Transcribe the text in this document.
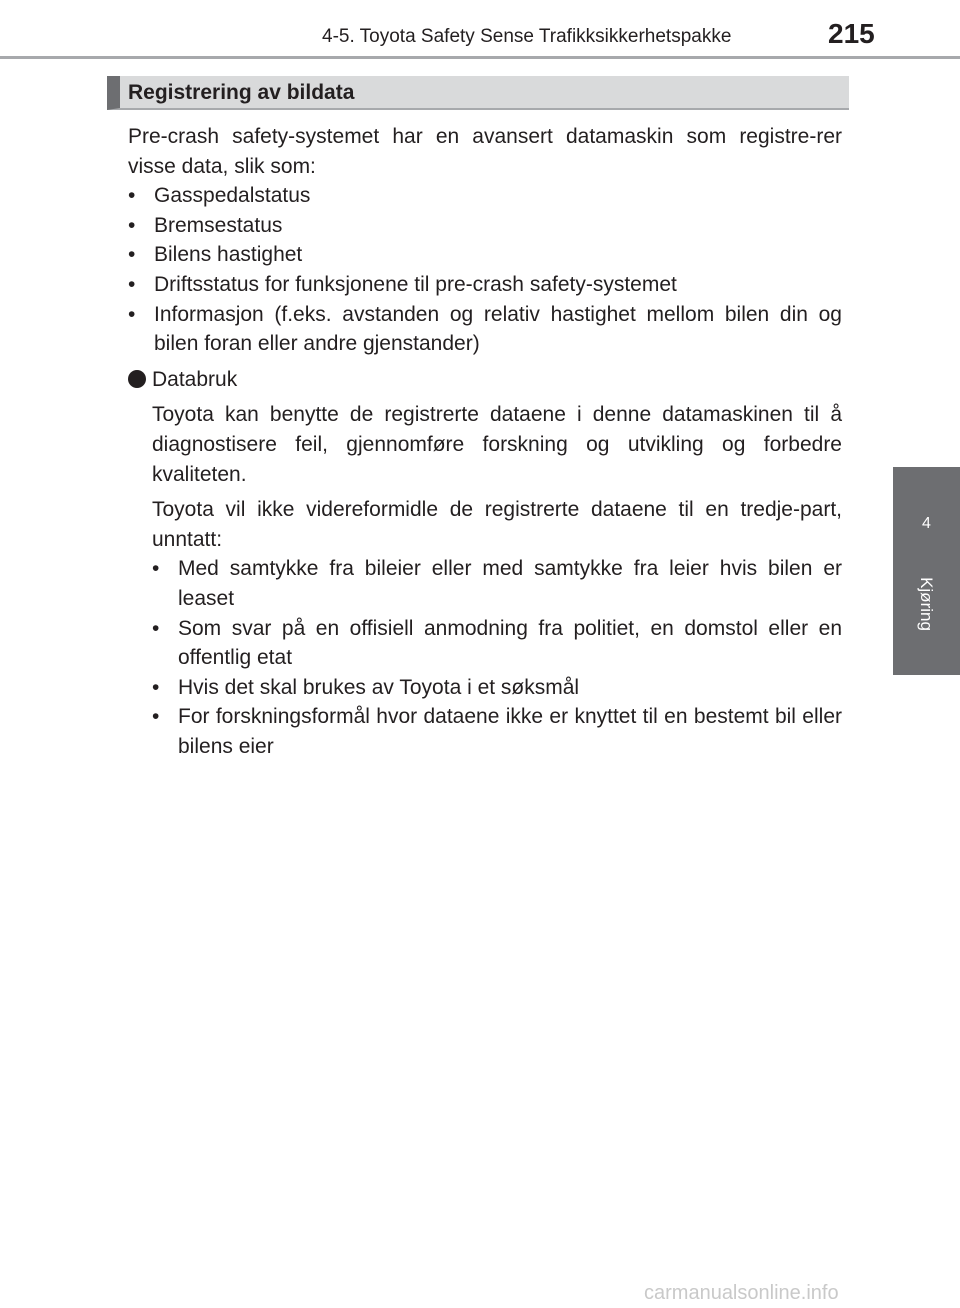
4-5. Toyota Safety Sense Trafikksikkerhetspakke	215
4
Kjøring
Registrering av bildata

Pre-crash safety-systemet har en avansert datamaskin som registre-rer visse data, slik som:

• Gasspedalstatus
• Bremsestatus
• Bilens hastighet
• Driftsstatus for funksjonene til pre-crash safety-systemet
• Informasjon (f.eks. avstanden og relativ hastighet mellom bilen din og bilen foran eller andre gjenstander)
Databruk

Toyota kan benytte de registrerte dataene i denne datamaskinen til å diagnostisere feil, gjennomføre forskning og utvikling og forbedre kvaliteten.

Toyota vil ikke videreformidle de registrerte dataene til en tredje-part, unntatt:

• Med samtykke fra bileier eller med samtykke fra leier hvis bilen er leaset
• Som svar på en offisiell anmodning fra politiet, en domstol eller en offentlig etat
• Hvis det skal brukes av Toyota i et søksmål
• For forskningsformål hvor dataene ikke er knyttet til en bestemt bil eller bilens eier
carmanualsonline.info
